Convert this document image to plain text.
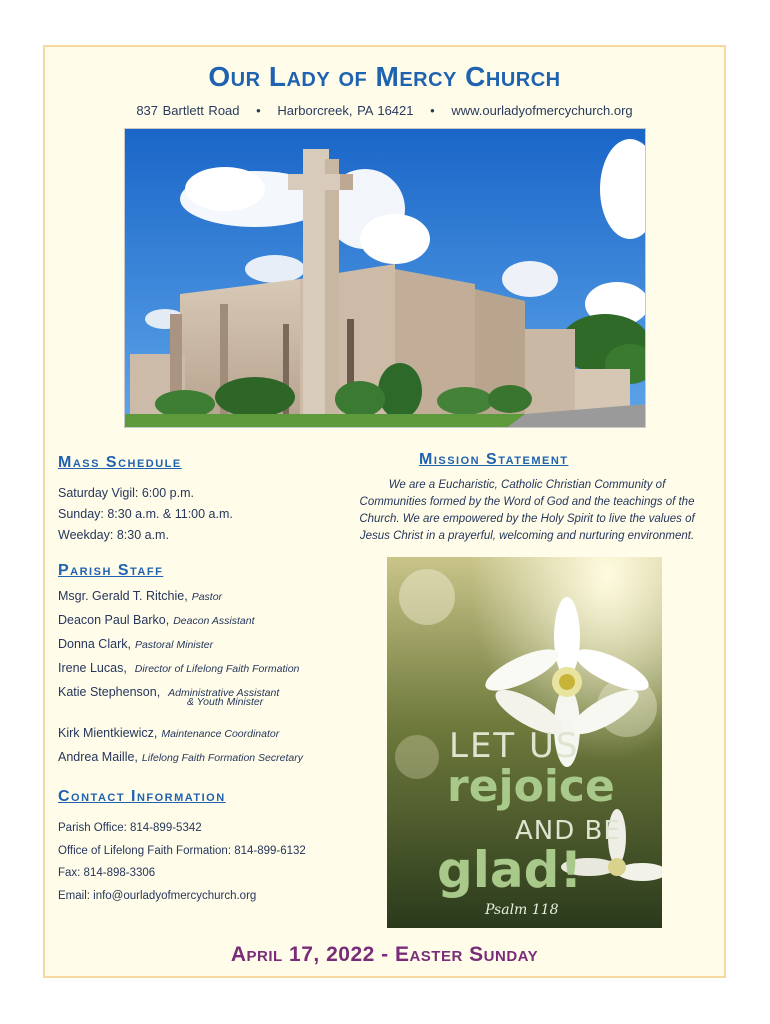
Our Lady of Mercy Church
837 Bartlett Road • Harborcreek, PA 16421 • www.ourladyofmercychurch.org
Mass Schedule
Saturday Vigil: 6:00 p.m.
Sunday: 8:30 a.m. & 11:00 a.m.
Weekday: 8:30 a.m.
Mission Statement
We are a Eucharistic, Catholic Christian Community of
Communities formed by the Word of God and the teachings of the
Church. We are empowered by the Holy Spirit to live the values of
Jesus Christ in a prayerful, welcoming and nurturing environment.
Parish Staff
Msgr. Gerald T. Ritchie, Pastor
Deacon Paul Barko, Deacon Assistant
Donna Clark, Pastoral Minister
Irene Lucas, Director of Lifelong Faith Formation
Katie Stephenson, Administrative Assistant
& Youth Minister
Kirk Mientkiewicz, Maintenance Coordinator
Andrea Maille, Lifelong Faith Formation Secretary
Contact Information
Parish Office: 814-899-5342
Office of Lifelong Faith Formation: 814-899-6132
Fax: 814-898-3306
Email: info@ourladyofmercychurch.org
LET US
rejoice
AND BE
glad!
Psalm 118
April 17, 2022 - Easter Sunday
